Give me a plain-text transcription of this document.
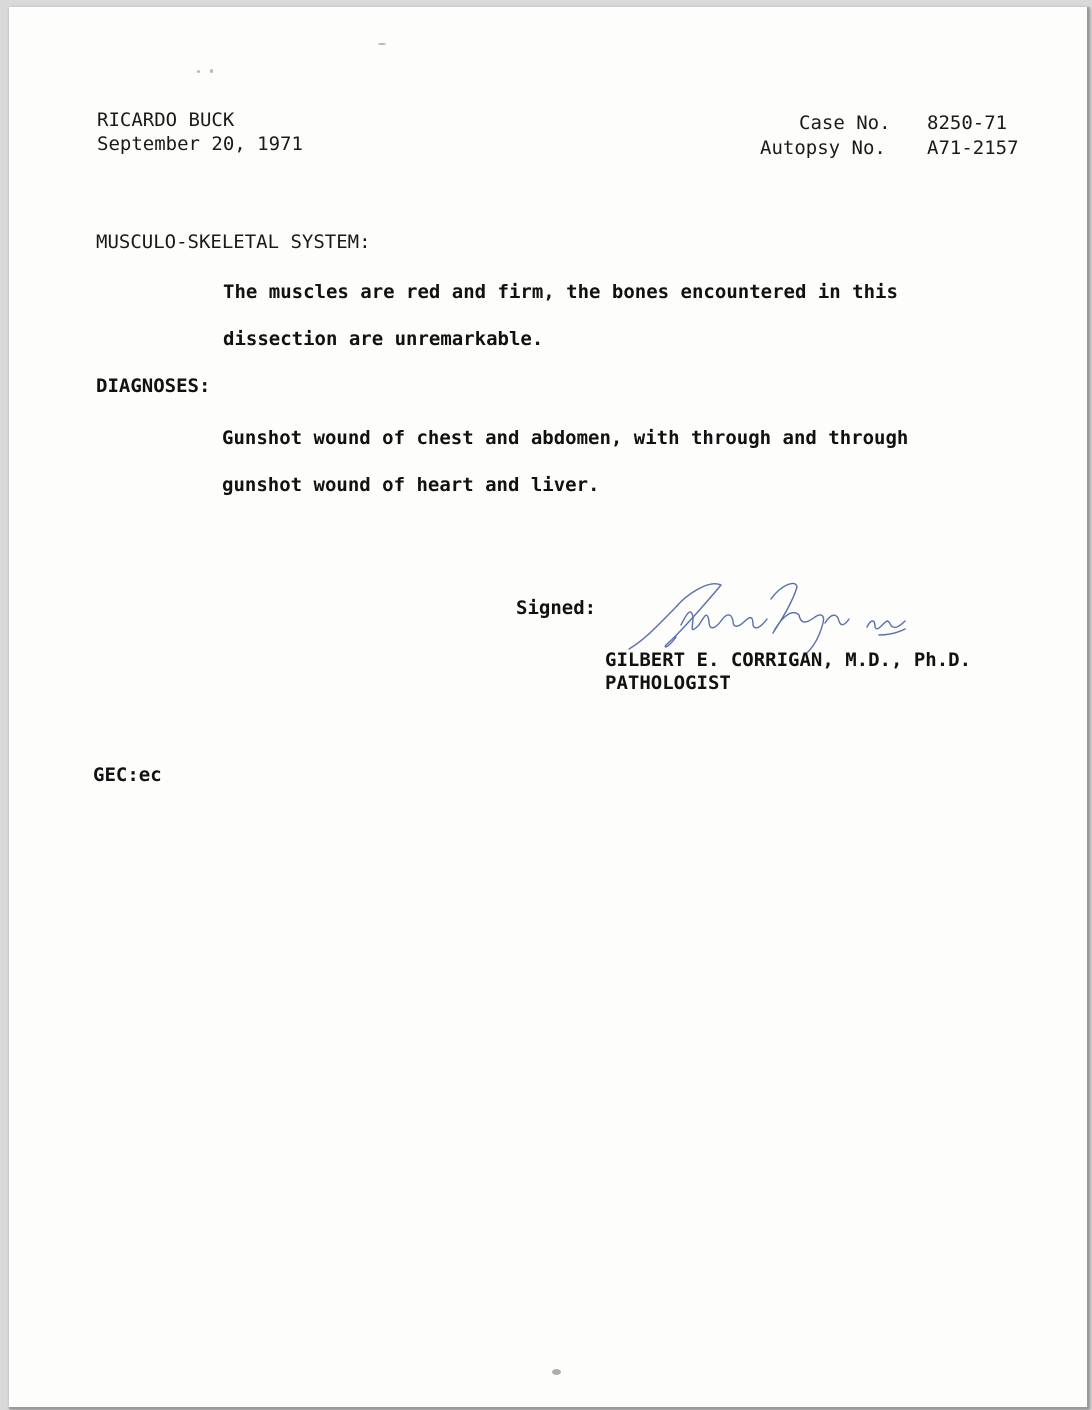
RICARDO BUCK
September 20, 1971
Case No. 8250-71
Autopsy No. A71-2157
MUSCULO-SKELETAL SYSTEM:
The muscles are red and firm, the bones encountered in this
dissection are unremarkable.
DIAGNOSES:
Gunshot wound of chest and abdomen, with through and through
gunshot wound of heart and liver.
Signed:
GILBERT E. CORRIGAN, M.D., Ph.D.
PATHOLOGIST
GEC:ec
